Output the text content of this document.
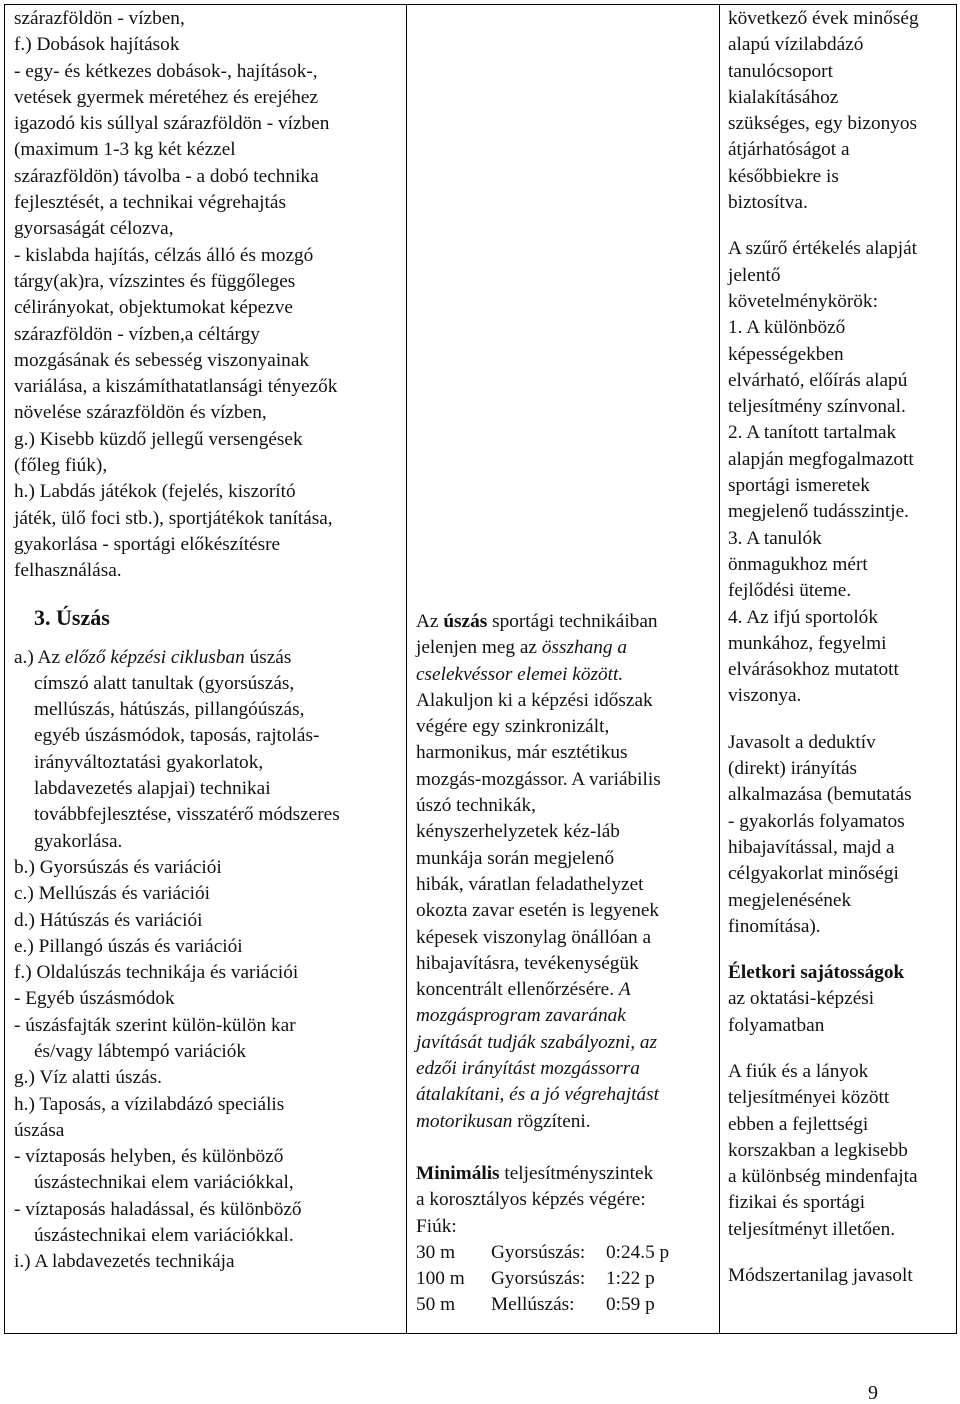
szárazföldön - vízben,
f.) Dobások hajítások
- egy- és kétkezes dobások-, hajítások-,
vetések gyermek méretéhez és erejéhez
igazodó kis súllyal szárazföldön - vízben
(maximum 1-3 kg két kézzel
szárazföldön) távolba - a dobó technika
fejlesztését, a technikai végrehajtás
gyorsaságát célozva,
- kislabda hajítás, célzás álló és mozgó
tárgy(ak)ra, vízszintes és függőleges
célirányokat, objektumokat képezve
szárazföldön - vízben,a céltárgy
mozgásának és sebesség viszonyainak
variálása, a kiszámíthatatlansági tényezők
növelése szárazföldön és vízben,
g.) Kisebb küzdő jellegű versengések
(főleg fiúk),
h.) Labdás játékok (fejelés, kiszorító
játék, ülő foci stb.), sportjátékok tanítása,
gyakorlása - sportági előkészítésre
felhasználása.
3. Úszás
a.) Az előző képzési ciklusban úszás
címszó alatt tanultak (gyorsúszás,
mellúszás, hátúszás, pillangóúszás,
egyéb úszásmódok, taposás, rajtolás-
irányváltoztatási gyakorlatok,
labdavezetés alapjai) technikai
továbbfejlesztése, visszatérő módszeres
gyakorlása.
b.) Gyorsúszás és variációi
c.) Mellúszás és variációi
d.) Hátúszás és variációi
e.) Pillangó úszás és variációi
f.) Oldalúszás technikája és variációi
- Egyéb úszásmódok
- úszásfajták szerint külön-külön kar
és/vagy lábtempó variációk
g.) Víz alatti úszás.
h.) Taposás, a vízilabdázó speciális
úszása
- víztaposás helyben, és különböző
úszástechnikai elem variációkkal,
- víztaposás haladással, és különböző
úszástechnikai elem variációkkal.
i.) A labdavezetés technikája
Az úszás sportági technikáiban
jelenjen meg az összhang a
cselekvéssor elemei között.
Alakuljon ki a képzési időszak
végére egy szinkronizált,
harmonikus, már esztétikus
mozgás-mozgássor. A variábilis
úszó technikák,
kényszerhelyzetek kéz-láb
munkája során megjelenő
hibák, váratlan feladathelyzet
okozta zavar esetén is legyenek
képesek viszonylag önállóan a
hibajavításra, tevékenységük
koncentrált ellenőrzésére. A
mozgásprogram zavarának
javítását tudják szabályozni, az
edzői irányítást mozgássorra
átalakítani, és a jó végrehajtást
motorikusan rögzíteni.
Minimális teljesítményszintek
a korosztályos képzés végére:
Fiúk:
30 m	Gyorsúszás:	0:24.5 p
100 m	Gyorsúszás:	1:22 p
50 m	Mellúszás:	0:59 p
következő évek minőség
alapú vízilabdázó
tanulócsoport
kialakításához
szükséges, egy bizonyos
átjárhatóságot a
későbbiekre is
biztosítva.
A szűrő értékelés alapját
jelentő
követelménykörök:
1. A különböző
képességekben
elvárható, előírás alapú
teljesítmény színvonal.
2. A tanított tartalmak
alapján megfogalmazott
sportági ismeretek
megjelenő tudásszintje.
3. A tanulók
önmagukhoz mért
fejlődési üteme.
4. Az ifjú sportolók
munkához, fegyelmi
elvárásokhoz mutatott
viszonya.
Javasolt a deduktív
(direkt) irányítás
alkalmazása (bemutatás
- gyakorlás folyamatos
hibajavítással, majd a
célgyakorlat minőségi
megjelenésének
finomítása).
Életkori sajátosságok
az oktatási-képzési
folyamatban
A fiúk és a lányok
teljesítményei között
ebben a fejlettségi
korszakban a legkisebb
a különbség mindenfajta
fizikai és sportági
teljesítményt illetően.
Módszertanilag javasolt
9
